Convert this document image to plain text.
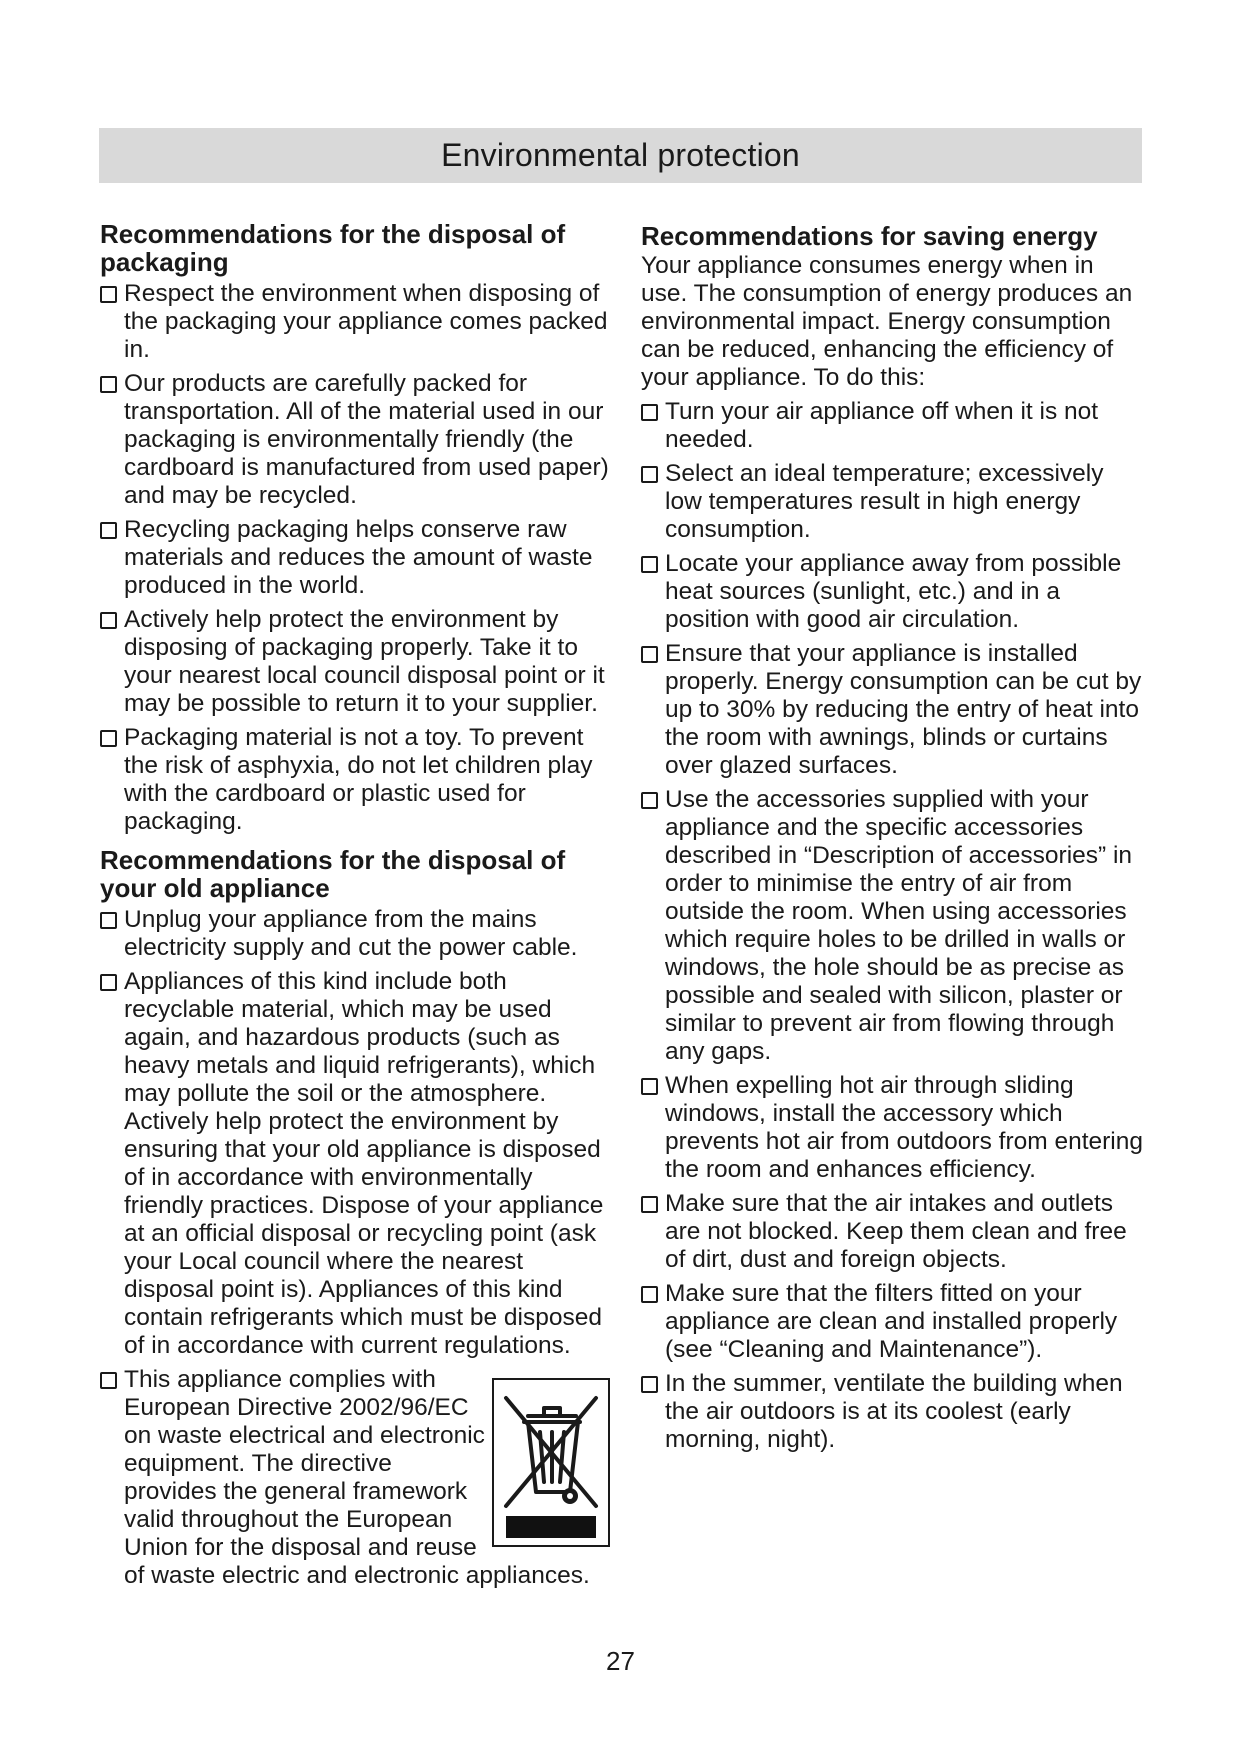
Environmental protection
Recommendations for the disposal of packaging
Respect the environment when disposing of the packaging your appliance comes packed in.
Our products are carefully packed for transportation. All of the material used in our packaging is environmentally friendly (the cardboard is manufactured from used paper) and may be recycled.
Recycling packaging helps conserve raw materials and reduces the amount of waste produced in the world.
Actively help protect the environment by disposing of packaging properly. Take it to your nearest local council disposal point or it may be possible to return it to your supplier.
Packaging material is not a toy. To prevent the risk of asphyxia, do not let children play with the cardboard or plastic used for packaging.
Recommendations for the disposal of your old appliance
Unplug your appliance from the mains electricity supply and cut the power cable.
Appliances of this kind include both recyclable material, which may be used again, and hazardous products (such as heavy metals and liquid refrigerants), which may pollute the soil or the atmosphere. Actively help protect the environment by ensuring that your old appliance is disposed of in accordance with environmentally friendly practices. Dispose of your appliance at an official disposal or recycling point (ask your Local council where the nearest disposal point is). Appliances of this kind contain refrigerants which must be disposed of in accordance with current regulations.
This appliance complies with
European Directive 2002/96/EC
on waste electrical and electronic
equipment. The directive
provides the general framework
valid throughout the European
Union for the disposal and reuse
of waste electric and electronic appliances.
Recommendations for saving energy

Your appliance consumes energy when in use. The consumption of energy produces an environmental impact. Energy consumption can be reduced, enhancing the efficiency of your appliance. To do this:

Turn your air appliance off when it is not needed.
Select an ideal temperature; excessively low temperatures result in high energy consumption.
Locate your appliance away from possible heat sources (sunlight, etc.) and in a position with good air circulation.
Ensure that your appliance is installed properly. Energy consumption can be cut by up to 30% by reducing the entry of heat into the room with awnings, blinds or curtains over glazed surfaces.
Use the accessories supplied with your appliance and the specific accessories described in “Description of accessories” in order to minimise the entry of air from outside the room. When using accessories which require holes to be drilled in walls or windows, the hole should be as precise as possible and sealed with silicon, plaster or similar to prevent air from flowing through any gaps.
When expelling hot air through sliding windows, install the accessory which prevents hot air from outdoors from entering the room and enhances efficiency.
Make sure that the air intakes and outlets are not blocked. Keep them clean and free of dirt, dust and foreign objects.
Make sure that the filters fitted on your appliance are clean and installed properly (see “Cleaning and Maintenance”).
In the summer, ventilate the building when the air outdoors is at its coolest (early morning, night).
27
